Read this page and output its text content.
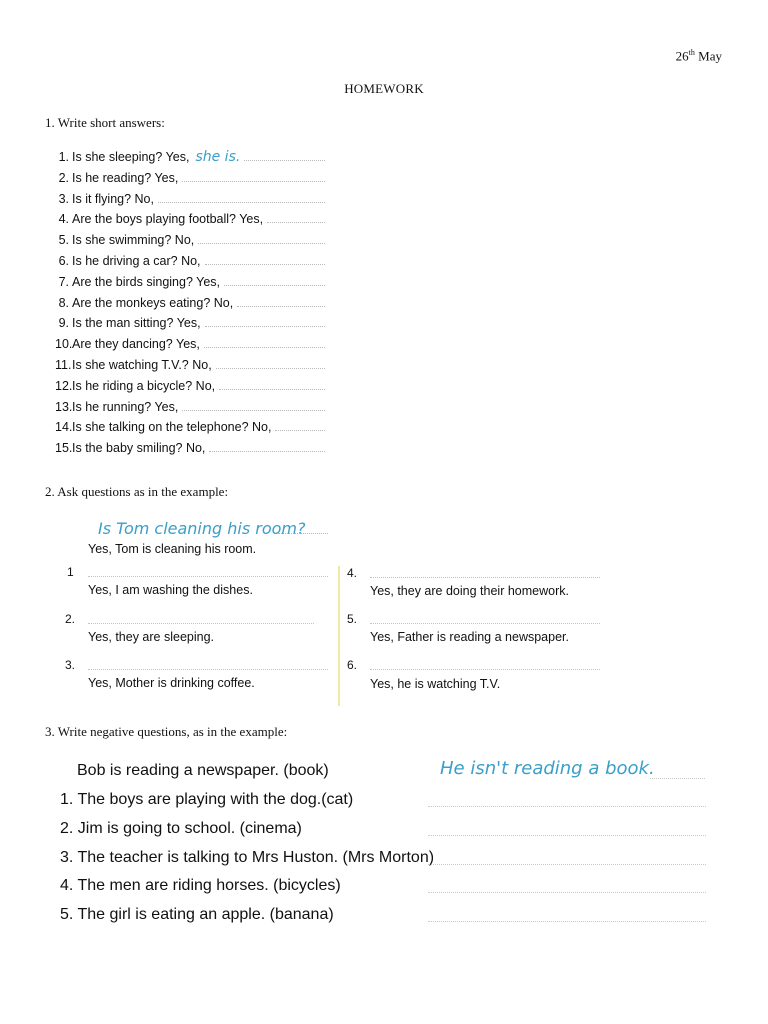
26th May
HOMEWORK
1. Write short answers:
1. Is she sleeping? Yes, she is.
2. Is he reading? Yes,
3. Is it flying? No,
4. Are the boys playing football? Yes,
5. Is she swimming? No,
6. Is he driving a car? No,
7. Are the birds singing? Yes,
8. Are the monkeys eating? No,
9. Is the man sitting? Yes,
10. Are they dancing? Yes,
11. Is she watching T.V.? No,
12. Is he riding a bicycle? No,
13. Is he running? Yes,
14. Is she talking on the telephone? No,
15. Is the baby smiling? No,
2. Ask questions as in the example:
Is Tom cleaning his room?
Yes, Tom is cleaning his room.
1
Yes, I am washing the dishes.
2.
Yes, they are sleeping.
3.
Yes, Mother is drinking coffee.
4.
Yes, they are doing their homework.
5.
Yes, Father is reading a newspaper.
6.
Yes, he is watching T.V.
3. Write negative questions, as in the example:
Bob is reading a newspaper. (book)	He isn't reading a book.
1. The boys are playing with the dog.(cat)
2. Jim is going to school. (cinema)
3. The teacher is talking to Mrs Huston. (Mrs Morton)
4. The men are riding horses. (bicycles)
5. The girl is eating an apple. (banana)
